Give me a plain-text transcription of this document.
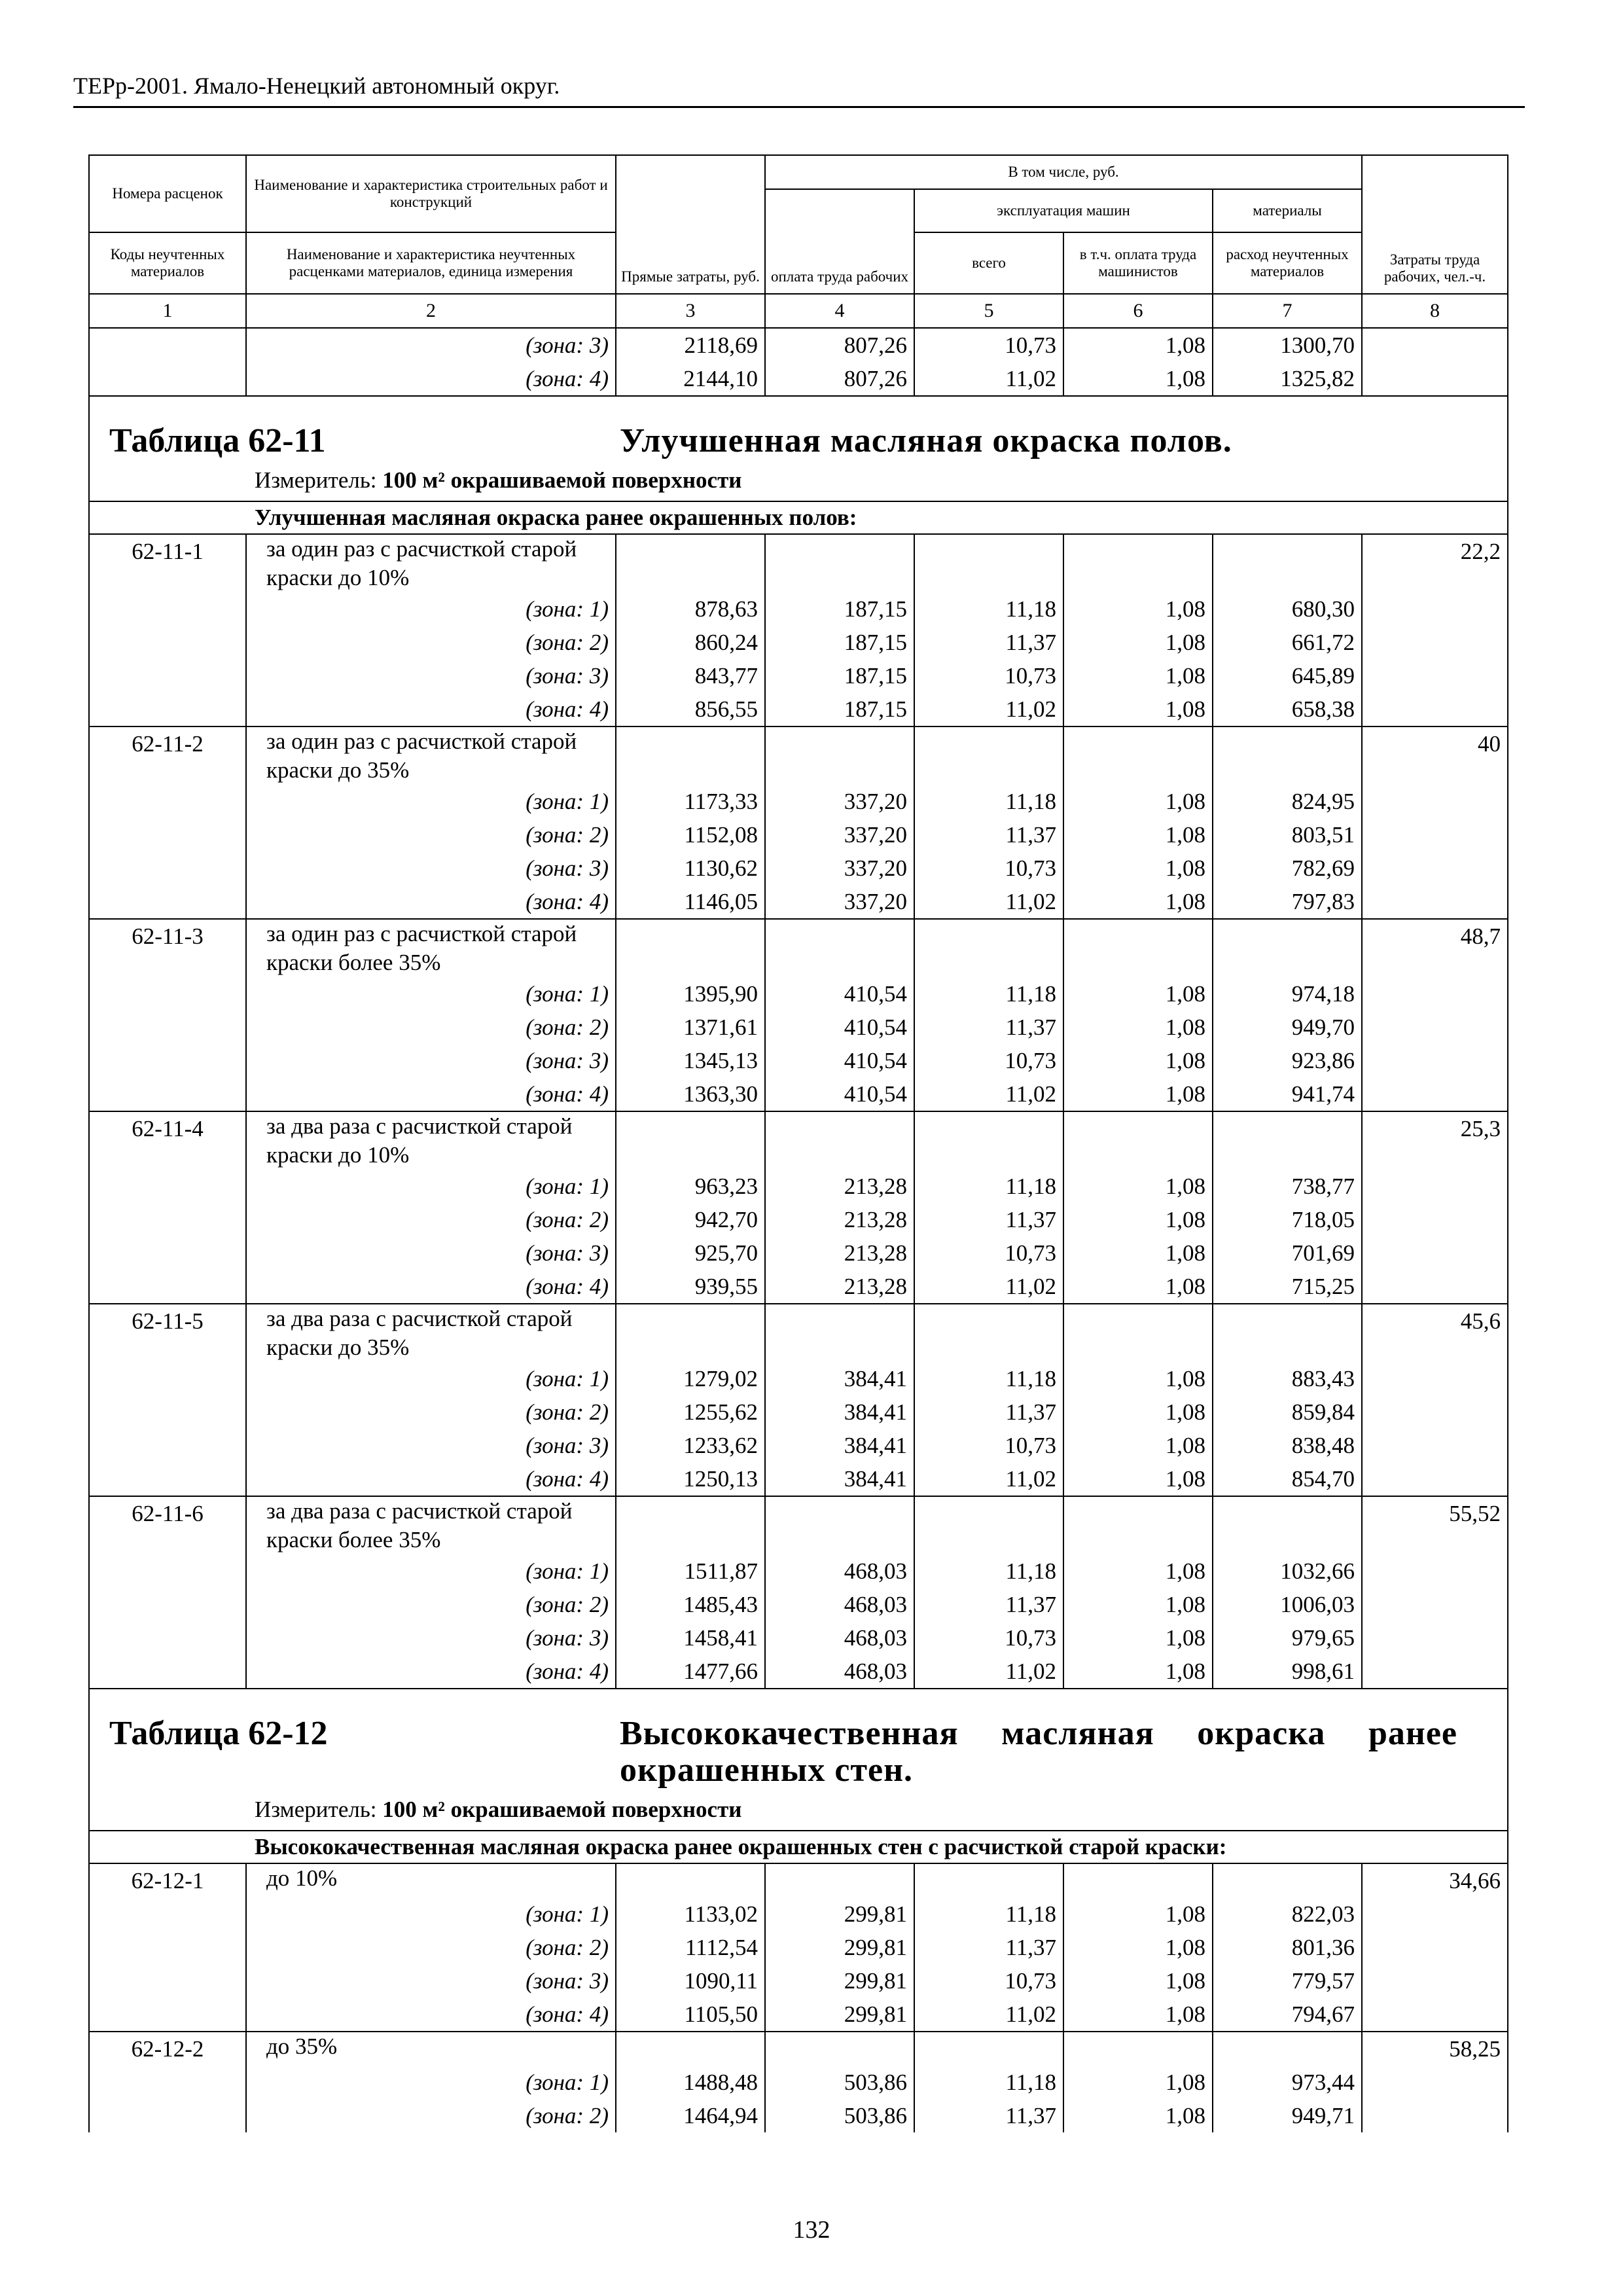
ТЕРр-2001. Ямало-Ненецкий автономный округ.
Номера расценок	Наименование и характеристика строительных работ и конструкций	Прямые затраты, руб.	В том числе, руб.				Затраты труда рабочих, чел.-ч.
			оплата труда рабочих	эксплуатация машин		материалы	
Коды неучтенных материалов	Наименование и характеристика неучтенных расценками материалов, единица измерения			всего	в т.ч. оплата труда машинистов	расход неучтенных материалов	
1	2	3	4	5	6	7	8
	(зона: 3)	2118,69	807,26	10,73	1,08	1300,70	
	(зона: 4)	2144,10	807,26	11,02	1,08	1325,82	

Таблица 62-11 Улучшенная масляная окраска полов.							

Измеритель: 100 м² окрашиваемой поверхности							
Улучшенная масляная окраска ранее окрашенных полов:							
62-11-1	за один раз с расчисткой старой краски до 10%						22,2
	(зона: 1)	878,63	187,15	11,18	1,08	680,30	
	(зона: 2)	860,24	187,15	11,37	1,08	661,72	
	(зона: 3)	843,77	187,15	10,73	1,08	645,89	
	(зона: 4)	856,55	187,15	11,02	1,08	658,38	
62-11-2	за один раз с расчисткой старой краски до 35%						40
	(зона: 1)	1173,33	337,20	11,18	1,08	824,95	
	(зона: 2)	1152,08	337,20	11,37	1,08	803,51	
	(зона: 3)	1130,62	337,20	10,73	1,08	782,69	
	(зона: 4)	1146,05	337,20	11,02	1,08	797,83	
62-11-3	за один раз с расчисткой старой краски более 35%						48,7
	(зона: 1)	1395,90	410,54	11,18	1,08	974,18	
	(зона: 2)	1371,61	410,54	11,37	1,08	949,70	
	(зона: 3)	1345,13	410,54	10,73	1,08	923,86	
	(зона: 4)	1363,30	410,54	11,02	1,08	941,74	
62-11-4	за два раза с расчисткой старой краски до 10%						25,3
	(зона: 1)	963,23	213,28	11,18	1,08	738,77	
	(зона: 2)	942,70	213,28	11,37	1,08	718,05	
	(зона: 3)	925,70	213,28	10,73	1,08	701,69	
	(зона: 4)	939,55	213,28	11,02	1,08	715,25	
62-11-5	за два раза с расчисткой старой краски до 35%						45,6
	(зона: 1)	1279,02	384,41	11,18	1,08	883,43	
	(зона: 2)	1255,62	384,41	11,37	1,08	859,84	
	(зона: 3)	1233,62	384,41	10,73	1,08	838,48	
	(зона: 4)	1250,13	384,41	11,02	1,08	854,70	
62-11-6	за два раза с расчисткой старой краски более 35%						55,52
	(зона: 1)	1511,87	468,03	11,18	1,08	1032,66	
	(зона: 2)	1485,43	468,03	11,37	1,08	1006,03	
	(зона: 3)	1458,41	468,03	10,73	1,08	979,65	
	(зона: 4)	1477,66	468,03	11,02	1,08	998,61	

Таблица 62-12 Высококачественная масляная окраска ранее окрашенных стен.							

Измеритель: 100 м² окрашиваемой поверхности							
Высококачественная масляная окраска ранее окрашенных стен с расчисткой старой краски:							
62-12-1	до 10%						34,66
	(зона: 1)	1133,02	299,81	11,18	1,08	822,03	
	(зона: 2)	1112,54	299,81	11,37	1,08	801,36	
	(зона: 3)	1090,11	299,81	10,73	1,08	779,57	
	(зона: 4)	1105,50	299,81	11,02	1,08	794,67	
62-12-2	до 35%						58,25
	(зона: 1)	1488,48	503,86	11,18	1,08	973,44	
	(зона: 2)	1464,94	503,86	11,37	1,08	949,71	
132
